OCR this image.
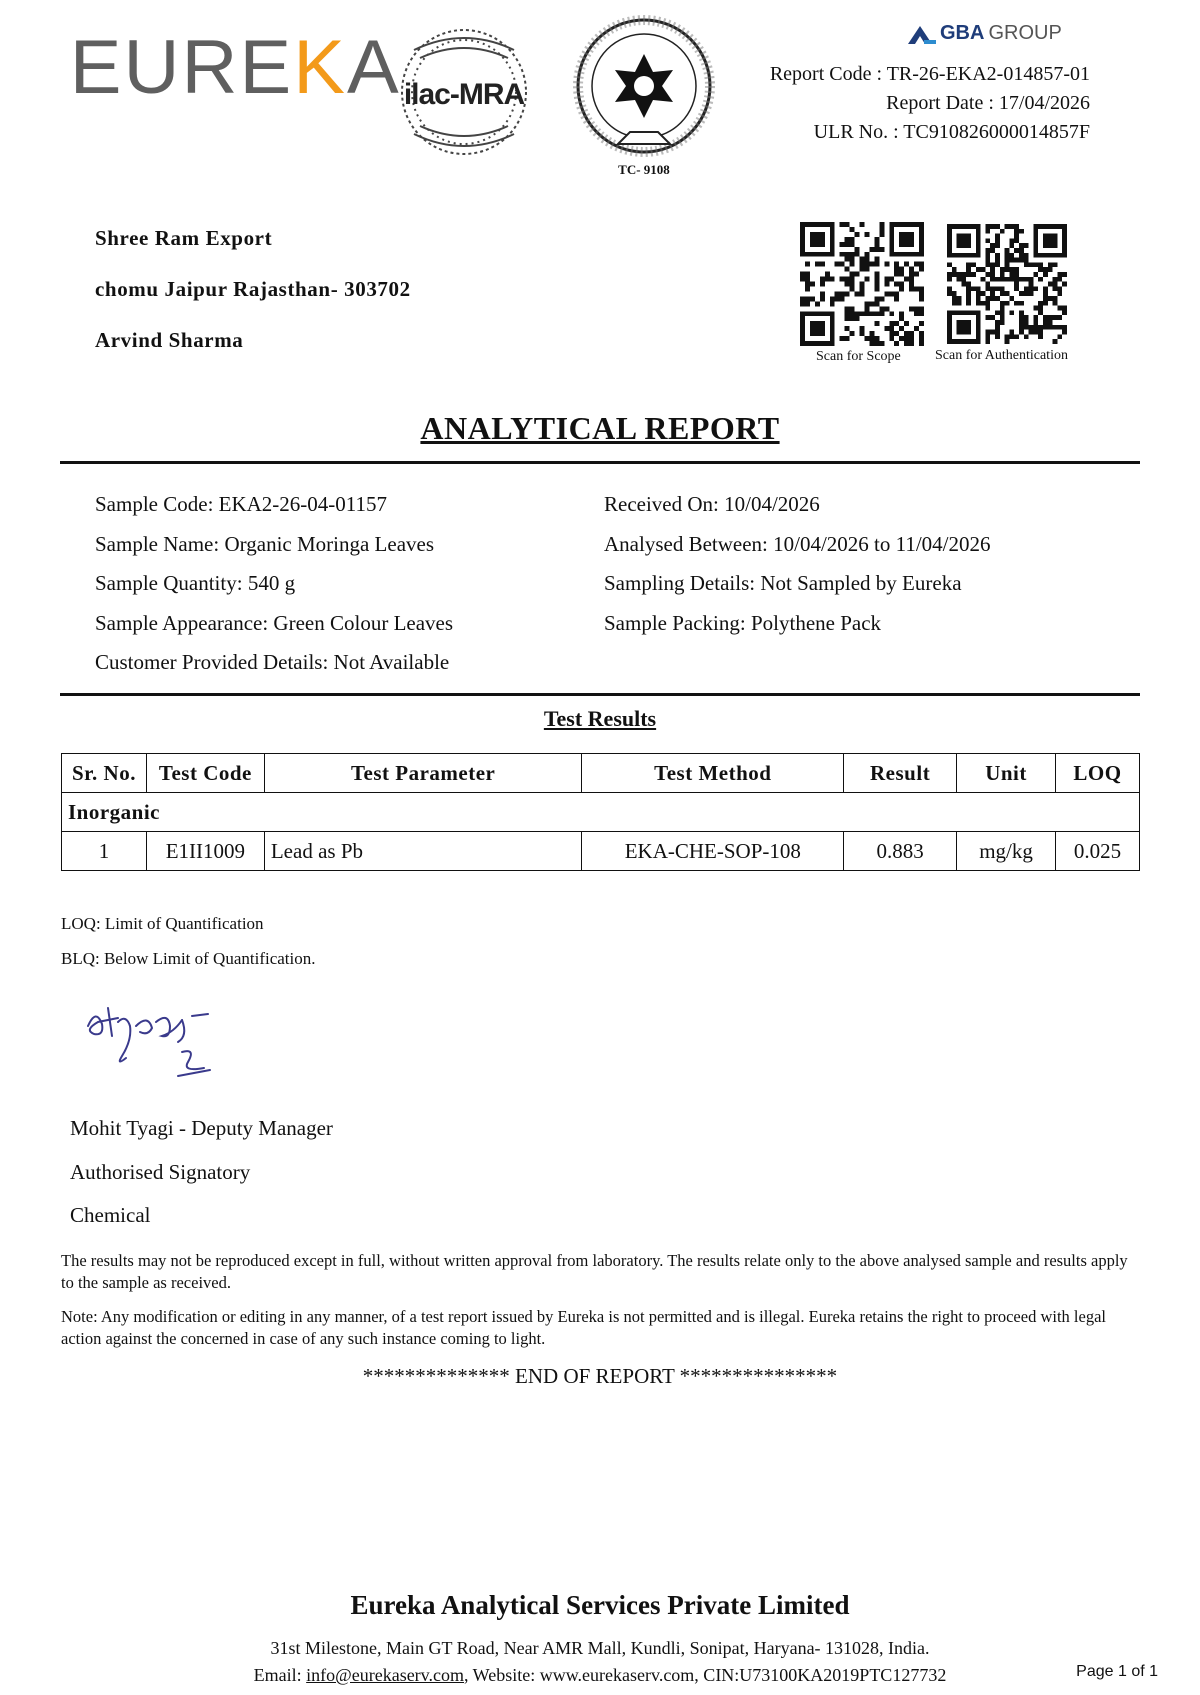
EUREKA ilac-MRA
TC- 9108
GBA GROUP
Report Code : TR-26-EKA2-014857-01
Report Date : 17/04/2026
ULR No. : TC910826000014857F
Shree Ram Export
chomu Jaipur Rajasthan- 303702
Arvind Sharma
Scan for Scope Scan for Authentication
ANALYTICAL REPORT
Sample Code: EKA2-26-04-01157
Sample Name: Organic Moringa Leaves
Sample Quantity: 540 g
Sample Appearance: Green Colour Leaves
Customer Provided Details: Not Available
Received On: 10/04/2026
Analysed Between: 10/04/2026 to 11/04/2026
Sampling Details: Not Sampled by Eureka
Sample Packing: Polythene Pack
Test Results
Sr. No.	Test Code	Test Parameter	Test Method	Result	Unit	LOQ
Inorganic						
1	E1II1009	Lead as Pb	EKA-CHE-SOP-108	0.883	mg/kg	0.025
LOQ: Limit of Quantification
BLQ: Below Limit of Quantification.
Mohit Tyagi - Deputy Manager
Authorised Signatory
Chemical
The results may not be reproduced except in full, without written approval from laboratory. The results relate only to the above analysed sample and results apply to the sample as received.
Note: Any modification or editing in any manner, of a test report issued by Eureka is not permitted and is illegal. Eureka retains the right to proceed with legal action against the concerned in case of any such instance coming to light.
************** END OF REPORT ***************
Eureka Analytical Services Private Limited
31st Milestone, Main GT Road, Near AMR Mall, Kundli, Sonipat, Haryana- 131028, India.
Email: info@eurekaserv.com, Website: www.eurekaserv.com, CIN:U73100KA2019PTC127732	Page 1 of 1
